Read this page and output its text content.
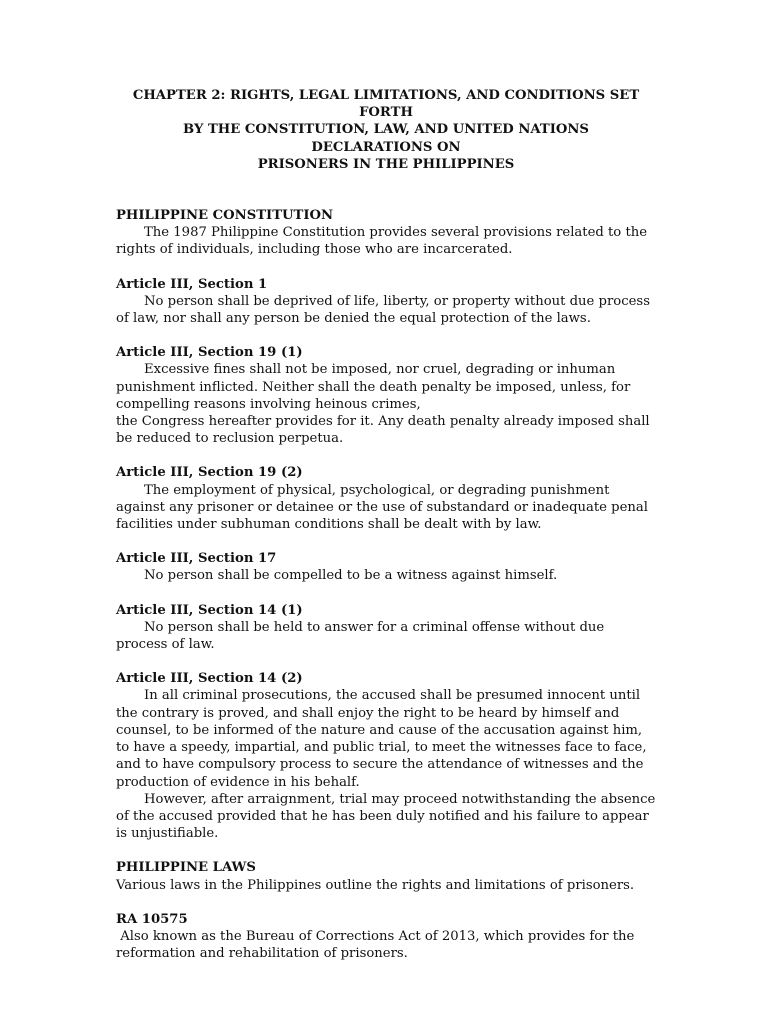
CHAPTER 2: RIGHTS, LEGAL LIMITATIONS, AND CONDITIONS SET FORTH
BY THE CONSTITUTION, LAW, AND UNITED NATIONS DECLARATIONS ON
PRISONERS IN THE PHILIPPINES

PHILIPPINE CONSTITUTION

The 1987 Philippine Constitution provides several provisions related to the rights of individuals, including those who are incarcerated.

Article III, Section 1

No person shall be deprived of life, liberty, or property without due process of law, nor shall any person be denied the equal protection of the laws.

Article III, Section 19 (1)

Excessive fines shall not be imposed, nor cruel, degrading or inhuman punishment inflicted. Neither shall the death penalty be imposed, unless, for compelling reasons involving heinous crimes,

the Congress hereafter provides for it. Any death penalty already imposed shall be reduced to reclusion perpetua.

Article III, Section 19 (2)

The employment of physical, psychological, or degrading punishment against any prisoner or detainee or the use of substandard or inadequate penal facilities under subhuman conditions shall be dealt with by law.

Article III, Section 17

No person shall be compelled to be a witness against himself.

Article III, Section 14 (1)

No person shall be held to answer for a criminal offense without due process of law.

Article III, Section 14 (2)

In all criminal prosecutions, the accused shall be presumed innocent until the contrary is proved, and shall enjoy the right to be heard by himself and counsel, to be informed of the nature and cause of the accusation against him, to have a speedy, impartial, and public trial, to meet the witnesses face to face, and to have compulsory process to secure the attendance of witnesses and the production of evidence in his behalf.

However, after arraignment, trial may proceed notwithstanding the absence of the accused provided that he has been duly notified and his failure to appear is unjustifiable.

PHILIPPINE LAWS

Various laws in the Philippines outline the rights and limitations of prisoners.

RA 10575

Also known as the Bureau of Corrections Act of 2013, which provides for the reformation and rehabilitation of prisoners.
